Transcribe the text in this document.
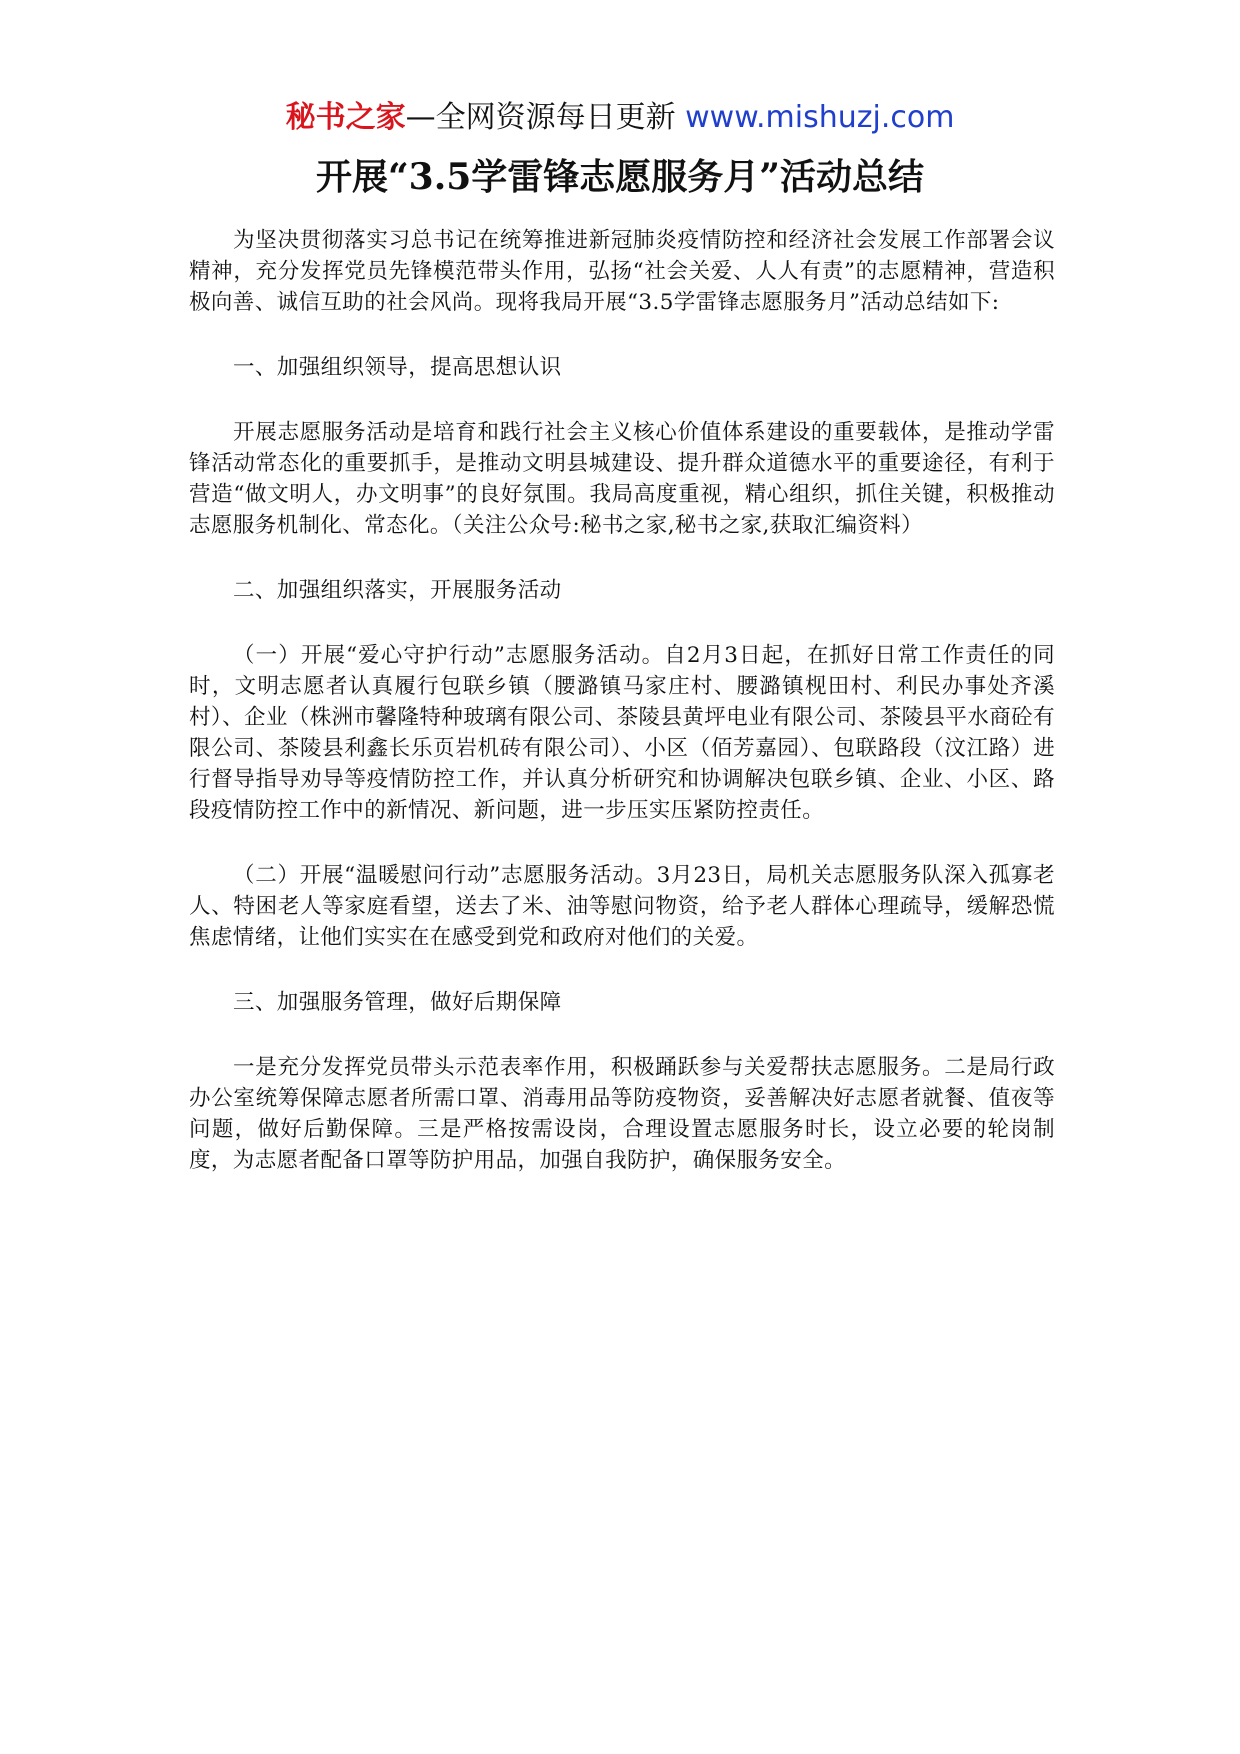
秘书之家—全网资源每日更新 www.mishuzj.com
开展“3.5学雷锋志愿服务月”活动总结

为坚决贯彻落实习总书记在统筹推进新冠肺炎疫情防控和经济社会发展工作部署会议精神，充分发挥党员先锋模范带头作用，弘扬“社会关爱、人人有责”的志愿精神，营造积极向善、诚信互助的社会风尚。现将我局开展“3.5学雷锋志愿服务月”活动总结如下:

一、加强组织领导，提高思想认识

开展志愿服务活动是培育和践行社会主义核心价值体系建设的重要载体，是推动学雷锋活动常态化的重要抓手，是推动文明县城建设、提升群众道德水平的重要途径，有利于营造“做文明人，办文明事”的良好氛围。我局高度重视，精心组织，抓住关键，积极推动志愿服务机制化、常态化。（关注公众号:秘书之家,秘书之家,获取汇编资料）

二、加强组织落实，开展服务活动

（一）开展“爱心守护行动”志愿服务活动。自2月3日起，在抓好日常工作责任的同时，文明志愿者认真履行包联乡镇（腰潞镇马家庄村、腰潞镇枧田村、利民办事处齐溪村）、企业（株洲市馨隆特种玻璃有限公司、茶陵县黄坪电业有限公司、茶陵县平水商砼有限公司、茶陵县利鑫长乐页岩机砖有限公司）、小区（佰芳嘉园）、包联路段（汶江路）进行督导指导劝导等疫情防控工作，并认真分析研究和协调解决包联乡镇、企业、小区、路段疫情防控工作中的新情况、新问题，进一步压实压紧防控责任。

（二）开展“温暖慰问行动”志愿服务活动。3月23日，局机关志愿服务队深入孤寡老人、特困老人等家庭看望，送去了米、油等慰问物资，给予老人群体心理疏导，缓解恐慌焦虑情绪，让他们实实在在感受到党和政府对他们的关爱。

三、加强服务管理，做好后期保障

一是充分发挥党员带头示范表率作用，积极踊跃参与关爱帮扶志愿服务。二是局行政办公室统筹保障志愿者所需口罩、消毒用品等防疫物资，妥善解决好志愿者就餐、值夜等问题，做好后勤保障。三是严格按需设岗，合理设置志愿服务时长，设立必要的轮岗制度，为志愿者配备口罩等防护用品，加强自我防护，确保服务安全。
